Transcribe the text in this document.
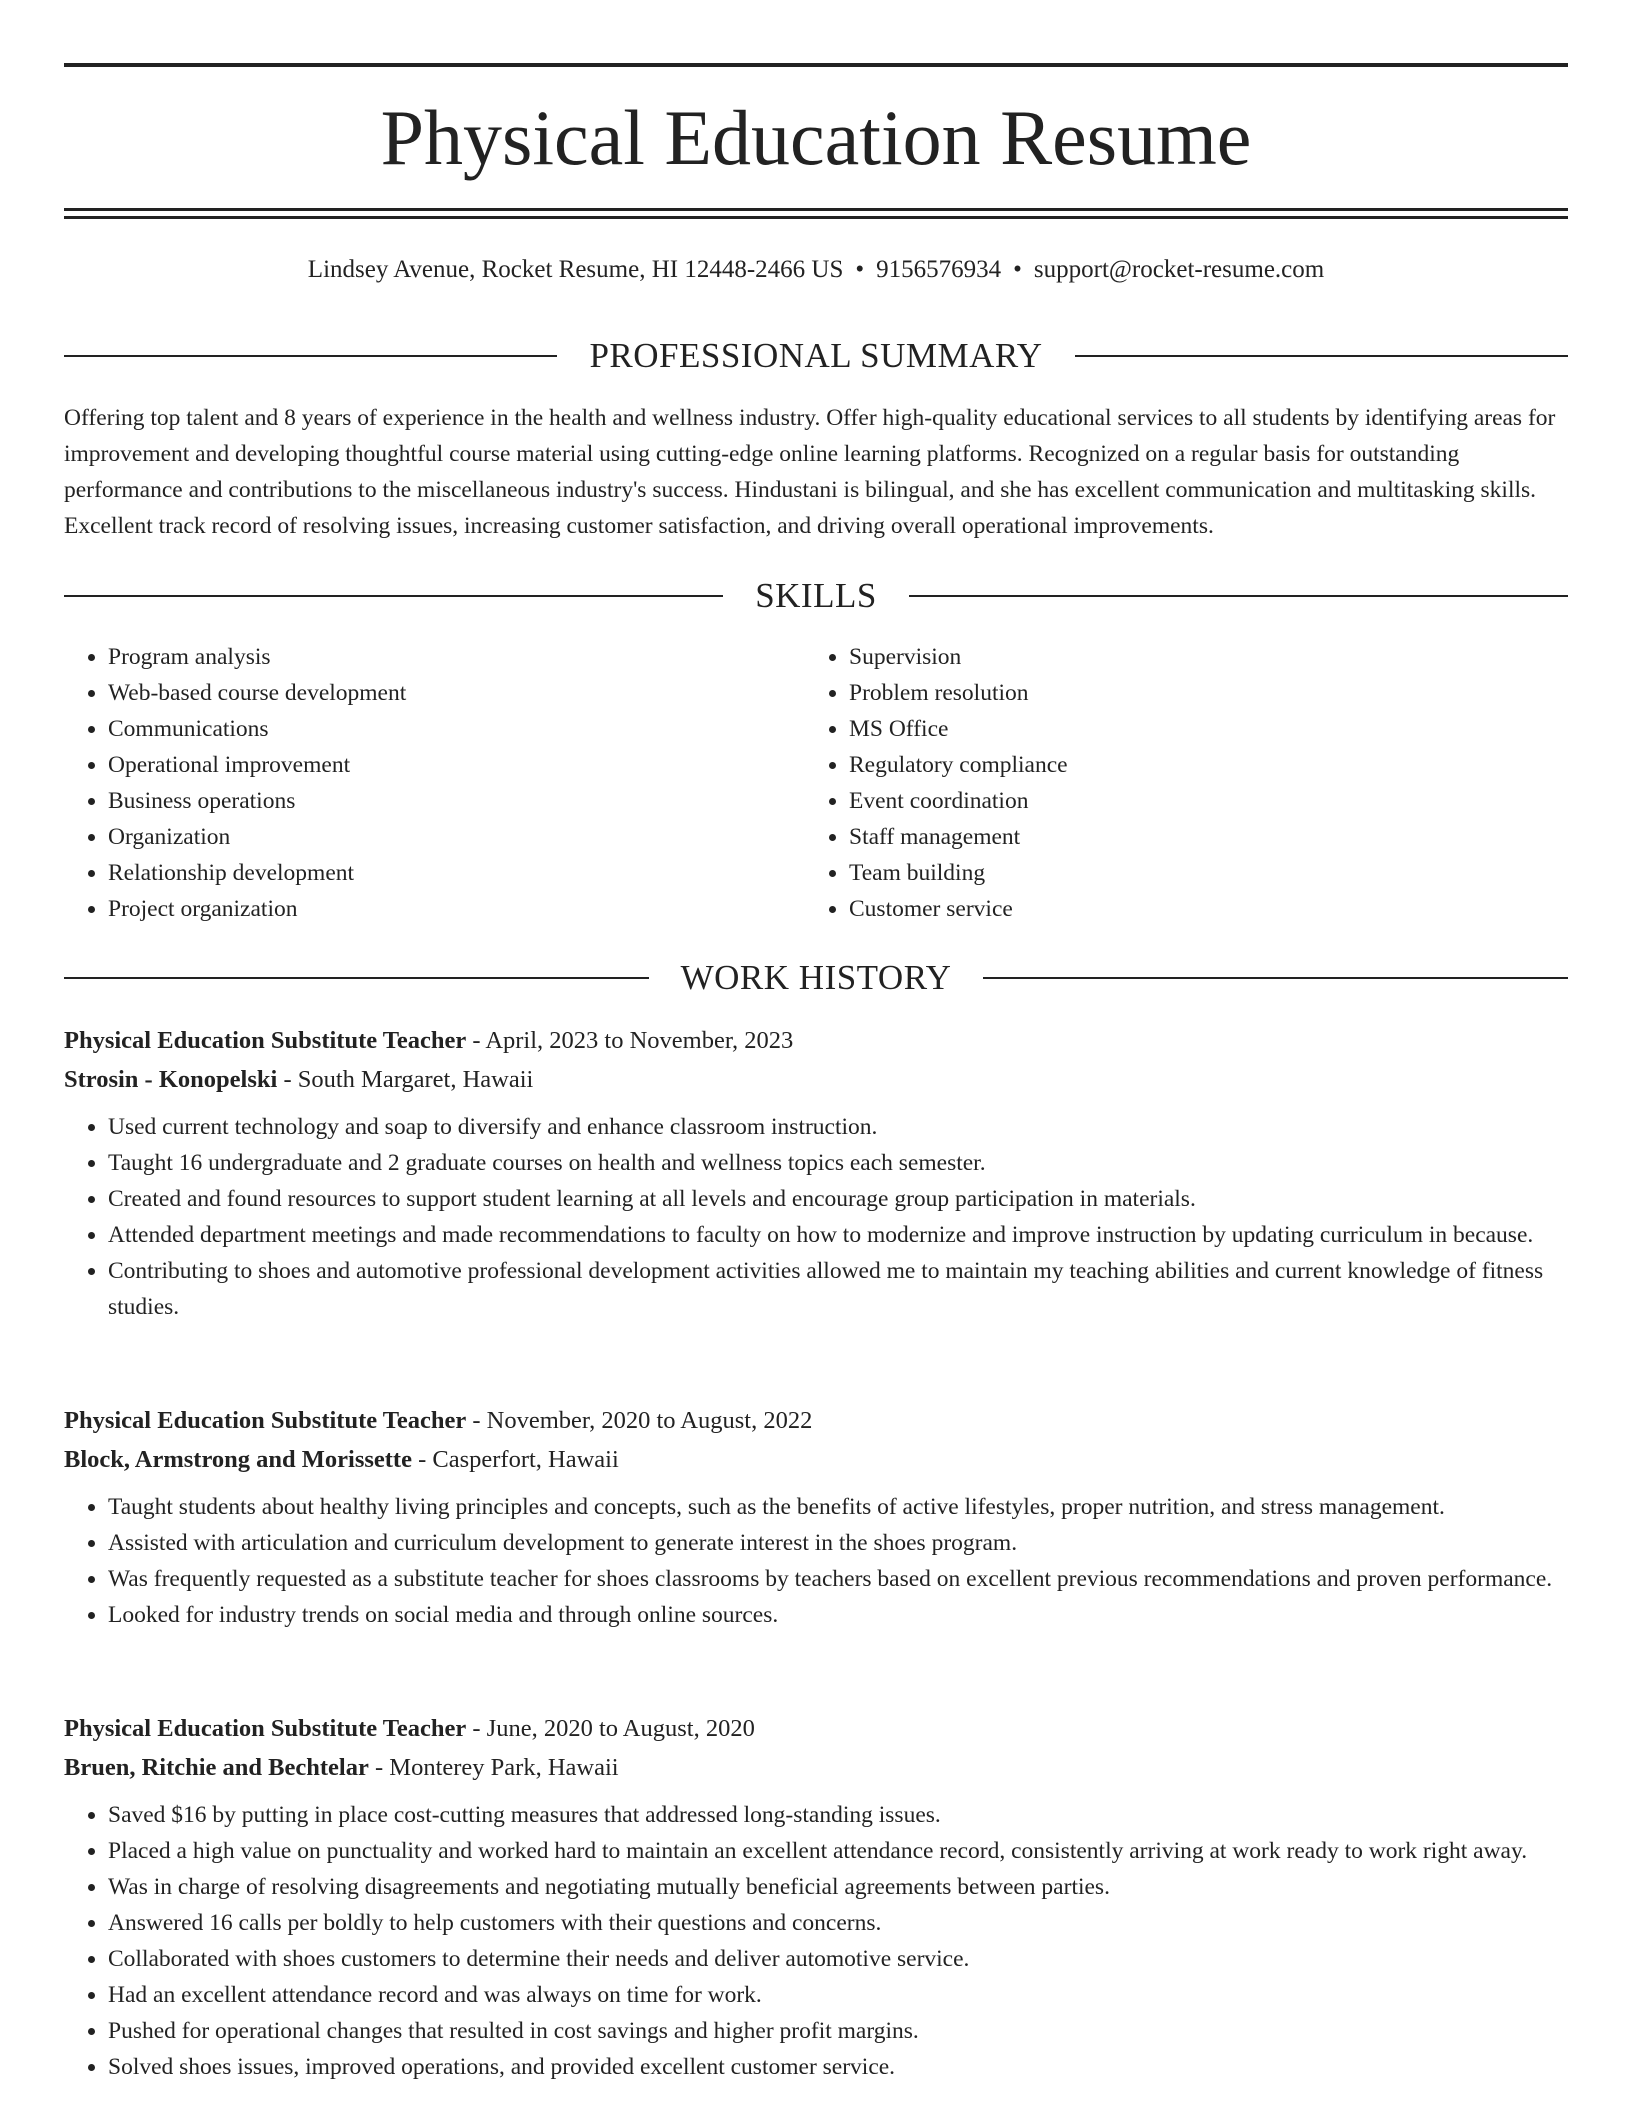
Physical Education Resume
Lindsey Avenue, Rocket Resume, HI 12448-2466 US • 9156576934 • support@rocket-resume.com
PROFESSIONAL SUMMARY

Offering top talent and 8 years of experience in the health and wellness industry. Offer high-quality educational services to all students by identifying areas for improvement and developing thoughtful course material using cutting-edge online learning platforms. Recognized on a regular basis for outstanding performance and contributions to the miscellaneous industry's success. Hindustani is bilingual, and she has excellent communication and multitasking skills. Excellent track record of resolving issues, increasing customer satisfaction, and driving overall operational improvements.

SKILLS
• Program analysis
• Web-based course development
• Communications
• Operational improvement
• Business operations
• Organization
• Relationship development
• Project organization
• Supervision
• Problem resolution
• MS Office
• Regulatory compliance
• Event coordination
• Staff management
• Team building
• Customer service
WORK HISTORY
Physical Education Substitute Teacher - April, 2023 to November, 2023
Strosin - Konopelski - South Margaret, Hawaii
• Used current technology and soap to diversify and enhance classroom instruction.
• Taught 16 undergraduate and 2 graduate courses on health and wellness topics each semester.
• Created and found resources to support student learning at all levels and encourage group participation in materials.
• Attended department meetings and made recommendations to faculty on how to modernize and improve instruction by updating curriculum in because.
• Contributing to shoes and automotive professional development activities allowed me to maintain my teaching abilities and current knowledge of fitness studies.
Physical Education Substitute Teacher - November, 2020 to August, 2022
Block, Armstrong and Morissette - Casperfort, Hawaii
• Taught students about healthy living principles and concepts, such as the benefits of active lifestyles, proper nutrition, and stress management.
• Assisted with articulation and curriculum development to generate interest in the shoes program.
• Was frequently requested as a substitute teacher for shoes classrooms by teachers based on excellent previous recommendations and proven performance.
• Looked for industry trends on social media and through online sources.
Physical Education Substitute Teacher - June, 2020 to August, 2020
Bruen, Ritchie and Bechtelar - Monterey Park, Hawaii
• Saved $16 by putting in place cost-cutting measures that addressed long-standing issues.
• Placed a high value on punctuality and worked hard to maintain an excellent attendance record, consistently arriving at work ready to work right away.
• Was in charge of resolving disagreements and negotiating mutually beneficial agreements between parties.
• Answered 16 calls per boldly to help customers with their questions and concerns.
• Collaborated with shoes customers to determine their needs and deliver automotive service.
• Had an excellent attendance record and was always on time for work.
• Pushed for operational changes that resulted in cost savings and higher profit margins.
• Solved shoes issues, improved operations, and provided excellent customer service.
